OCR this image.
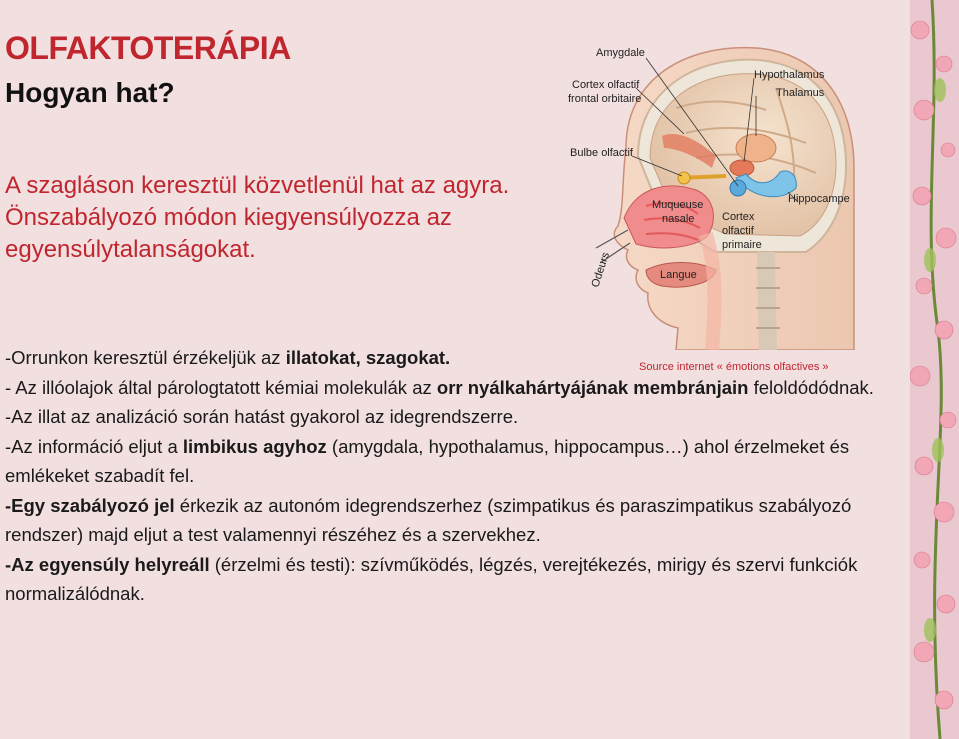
OLFAKTOTERÁPIA
Hogyan hat?
A szagláson keresztül közvetlenül hat az agyra.
Önszabályozó módon kiegyensúlyozza az
egyensúlytalanságokat.
Amygdale
Cortex olfactif
frontal orbitaire
Hypothalamus
Thalamus
Bulbe olfactif
Muqueuse
nasale	Cortex
olfactif
primaire
Hippocampe
Odeurs	Langue
Source internet « émotions olfactives »

-Orrunkon keresztül érzékeljük az illatokat, szagokat.

- Az illóolajok által párologtatott kémiai molekulák az orr nyálkahártyájának membránjain feloldódódnak.

-Az illat az analizáció során hatást gyakorol az idegrendszerre.

-Az információ eljut a limbikus agyhoz (amygdala, hypothalamus, hippocampus…) ahol érzelmeket és emlékeket szabadít fel.

-Egy szabályozó jel érkezik az autonóm idegrendszerhez (szimpatikus és paraszimpatikus szabályozó rendszer) majd eljut a test valamennyi részéhez és a szervekhez.

-Az egyensúly helyreáll (érzelmi és testi): szívműködés, légzés, verejtékezés, mirigy és szervi funkciók normalizálódnak.
